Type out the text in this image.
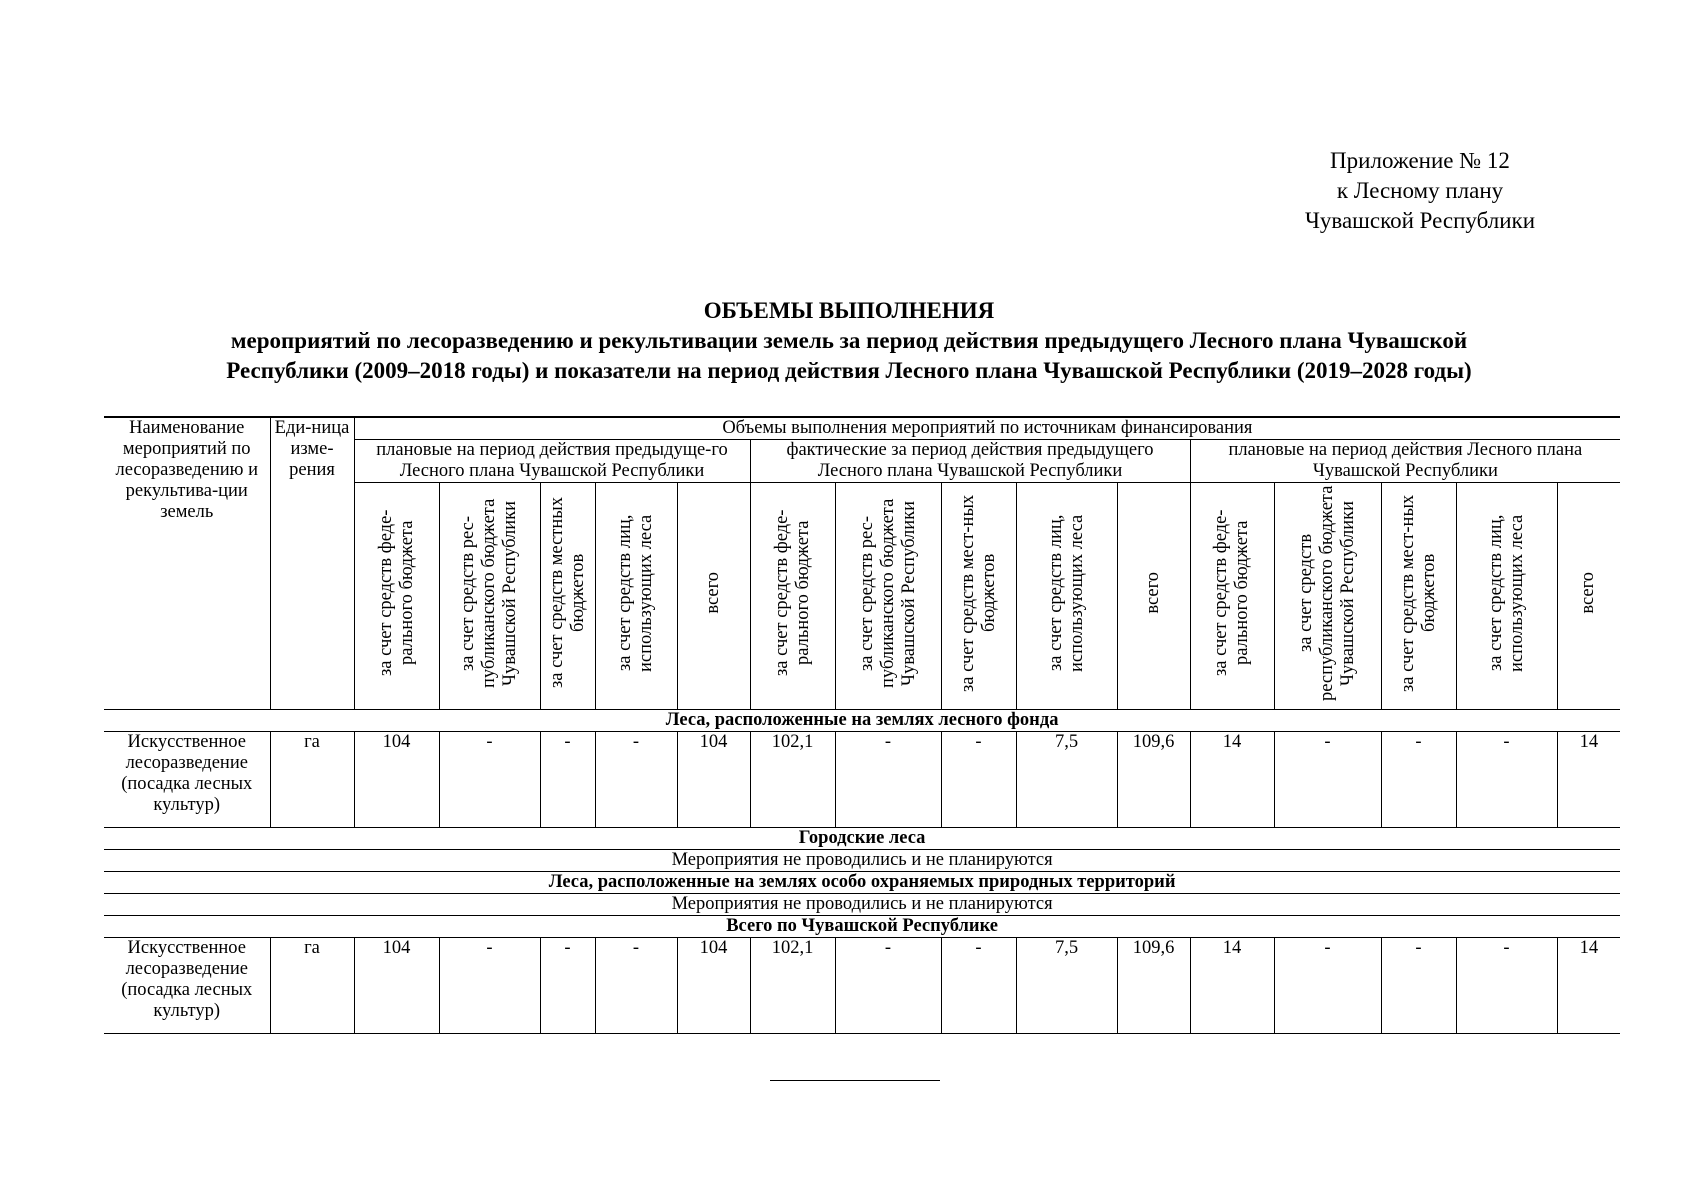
Приложение № 12
к Лесному плану
Чувашской Республики
ОБЪЕМЫ ВЫПОЛНЕНИЯ
мероприятий по лесоразведению и рекультивации земель за период действия предыдущего Лесного плана Чувашской
Республики (2009–2018 годы) и показатели на период действия Лесного плана Чувашской Республики (2019–2028 годы)
Наименование мероприятий по лесоразведению и рекультива-ции земель	Еди-ница изме-рения	Объемы выполнения мероприятий по источникам финансирования														
		плановые на период действия предыдуще-го Лесного плана Чувашской Республики					фактические за период действия предыдущего Лесного плана Чувашской Республики					плановые на период действия Лесного плана Чувашской Республики				
		за счет средств феде-рального бюджета	за счет средств рес-публиканского бюджета Чувашской Республики	за счет средств местных бюджетов	за счет средств лиц, использующих леса	всего	за счет средств феде-рального бюджета	за счет средств рес-публиканского бюджета Чувашской Республики	за счет средств мест-ных бюджетов	за счет средств лиц, использующих леса	всего	за счет средств феде-рального бюджета	за счет средств республиканского бюджета Чувашской Республики	за счет средств мест-ных бюджетов	за счет средств лиц, использующих леса	всего
Леса, расположенные на землях лесного фонда																
Искусственное лесоразведение (посадка лесных культур)	га	104	-	-	-	104	102,1	-	-	7,5	109,6	14	-	-	-	14
Городские леса																
Мероприятия не проводились и не планируются																
Леса, расположенные на землях особо охраняемых природных территорий																
Мероприятия не проводились и не планируются																
Всего по Чувашской Республике																
Искусственное лесоразведение (посадка лесных культур)	га	104	-	-	-	104	102,1	-	-	7,5	109,6	14	-	-	-	14
